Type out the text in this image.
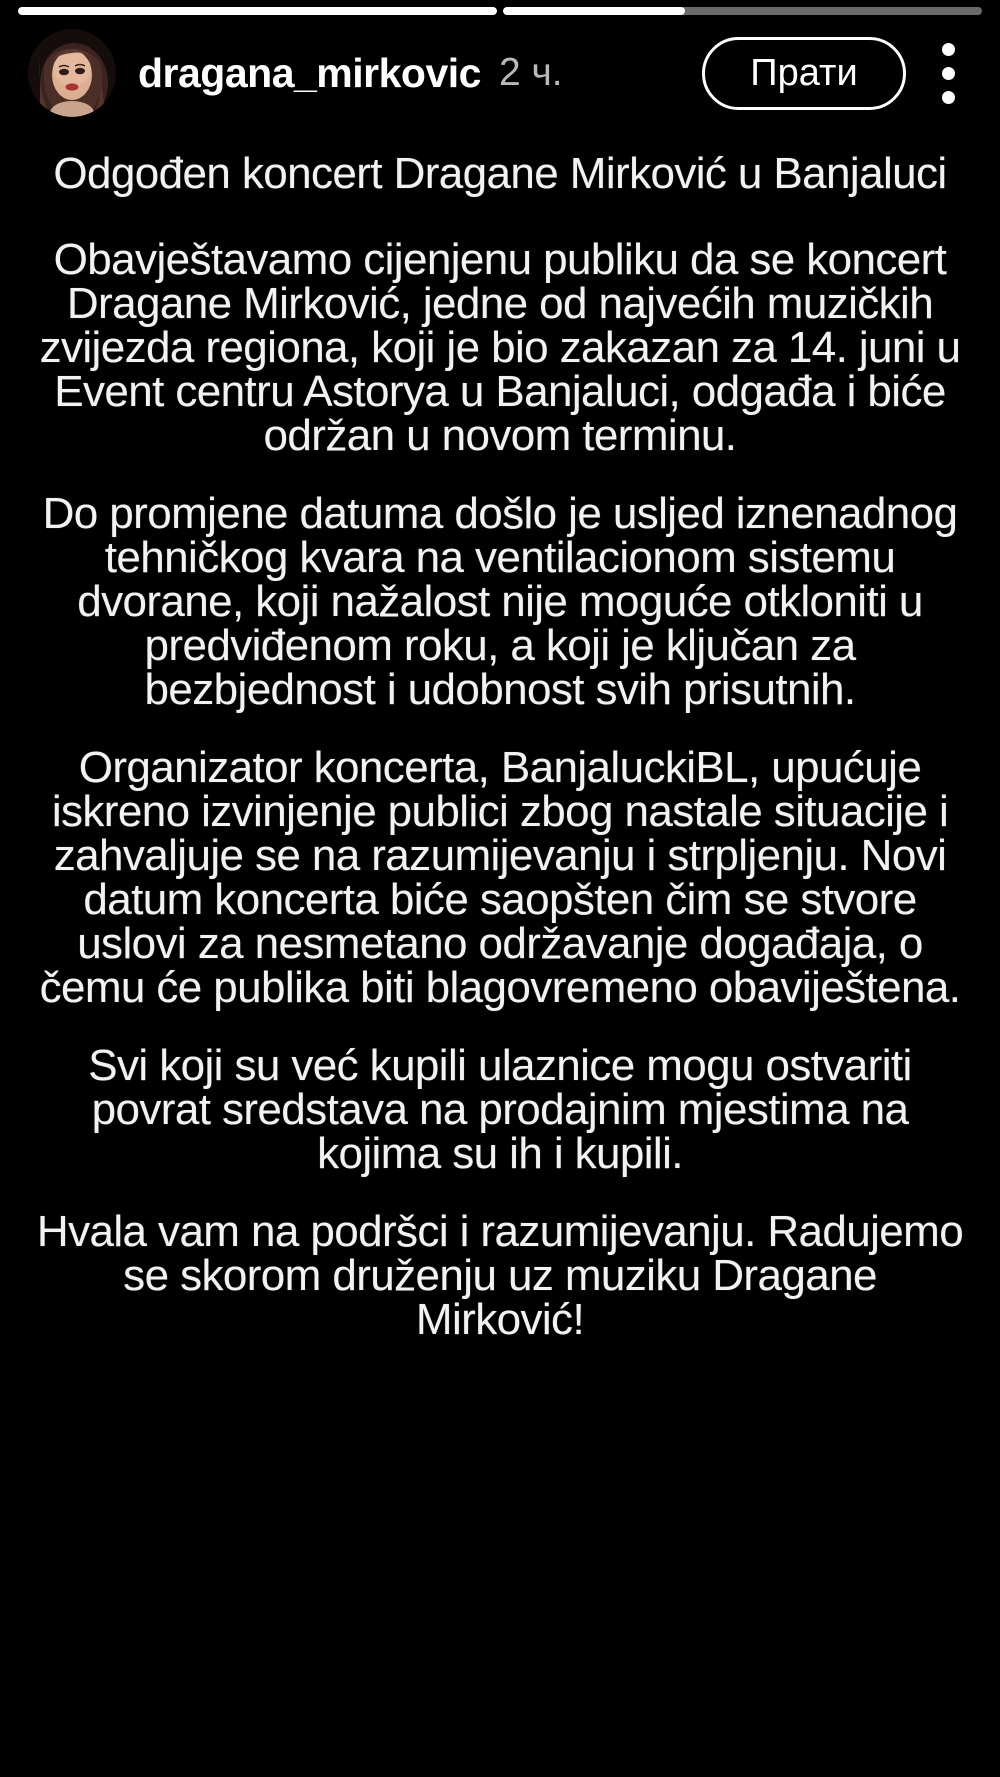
dragana_mirkovic 2 ч.	Прати

Odgođen koncert Dragane Mirković u Banjaluci

Obavještavamo cijenjenu publiku da se koncert Dragane Mirković, jedne od najvećih muzičkih zvijezda regiona, koji je bio zakazan za 14. juni u Event centru Astorya u Banjaluci, odgađa i biće održan u novom terminu.

Do promjene datuma došlo je usljed iznenadnog tehničkog kvara na ventilacionom sistemu dvorane, koji nažalost nije moguće otkloniti u predviđenom roku, a koji je ključan za bezbjednost i udobnost svih prisutnih.

Organizator koncerta, BanjaluckiBL, upućuje iskreno izvinjenje publici zbog nastale situacije i zahvaljuje se na razumijevanju i strpljenju. Novi datum koncerta biće saopšten čim se stvore uslovi za nesmetano održavanje događaja, o čemu će publika biti blagovremeno obaviještena.

Svi koji su već kupili ulaznice mogu ostvariti povrat sredstava na prodajnim mjestima na kojima su ih i kupili.

Hvala vam na podršci i razumijevanju. Radujemo se skorom druženju uz muziku Dragane Mirković!
